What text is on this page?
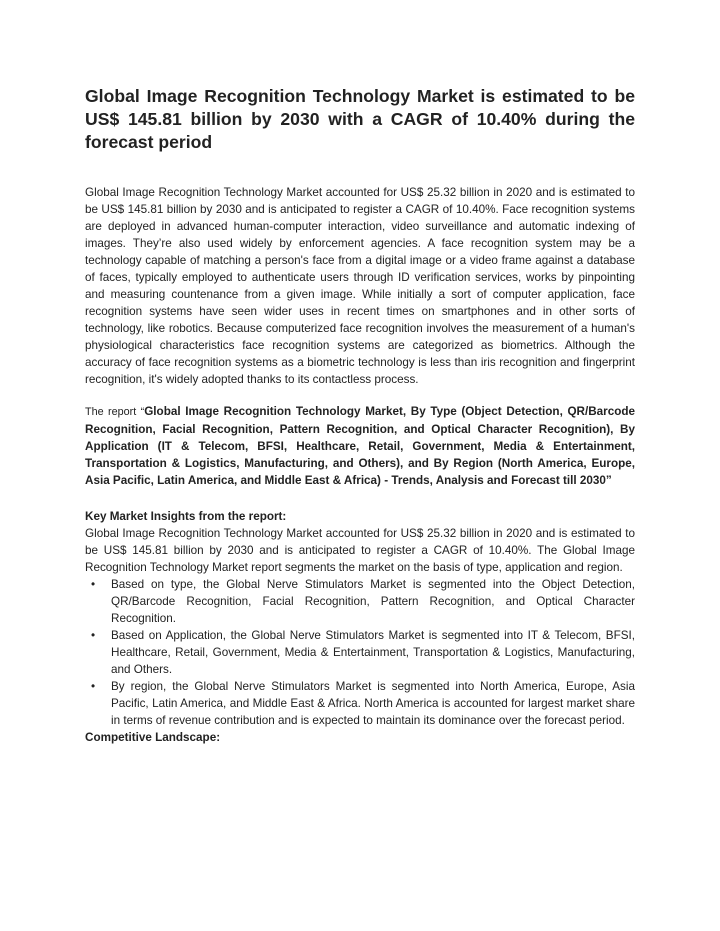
Global Image Recognition Technology Market is estimated to be US$ 145.81 billion by 2030 with a CAGR of 10.40% during the forecast period

Global Image Recognition Technology Market accounted for US$ 25.32 billion in 2020 and is estimated to be US$ 145.81 billion by 2030 and is anticipated to register a CAGR of 10.40%. Face recognition systems are deployed in advanced human-computer interaction, video surveillance and automatic indexing of images. They’re also used widely by enforcement agencies. A face recognition system may be a technology capable of matching a person's face from a digital image or a video frame against a database of faces, typically employed to authenticate users through ID verification services, works by pinpointing and measuring countenance from a given image. While initially a sort of computer application, face recognition systems have seen wider uses in recent times on smartphones and in other sorts of technology, like robotics. Because computerized face recognition involves the measurement of a human's physiological characteristics face recognition systems are categorized as biometrics. Although the accuracy of face recognition systems as a biometric technology is less than iris recognition and fingerprint recognition, it's widely adopted thanks to its contactless process.

The report “Global Image Recognition Technology Market, By Type (Object Detection, QR/Barcode Recognition, Facial Recognition, Pattern Recognition, and Optical Character Recognition), By Application (IT & Telecom, BFSI, Healthcare, Retail, Government, Media & Entertainment, Transportation & Logistics, Manufacturing, and Others), and By Region (North America, Europe, Asia Pacific, Latin America, and Middle East & Africa) - Trends, Analysis and Forecast till 2030”

Key Market Insights from the report:

Global Image Recognition Technology Market accounted for US$ 25.32 billion in 2020 and is estimated to be US$ 145.81 billion by 2030 and is anticipated to register a CAGR of 10.40%. The Global Image Recognition Technology Market report segments the market on the basis of type, application and region.

• Based on type, the Global Nerve Stimulators Market is segmented into the Object Detection, QR/Barcode Recognition, Facial Recognition, Pattern Recognition, and Optical Character Recognition.
• Based on Application, the Global Nerve Stimulators Market is segmented into IT & Telecom, BFSI, Healthcare, Retail, Government, Media & Entertainment, Transportation & Logistics, Manufacturing, and Others.
• By region, the Global Nerve Stimulators Market is segmented into North America, Europe, Asia Pacific, Latin America, and Middle East & Africa. North America is accounted for largest market share in terms of revenue contribution and is expected to maintain its dominance over the forecast period.

Competitive Landscape:
